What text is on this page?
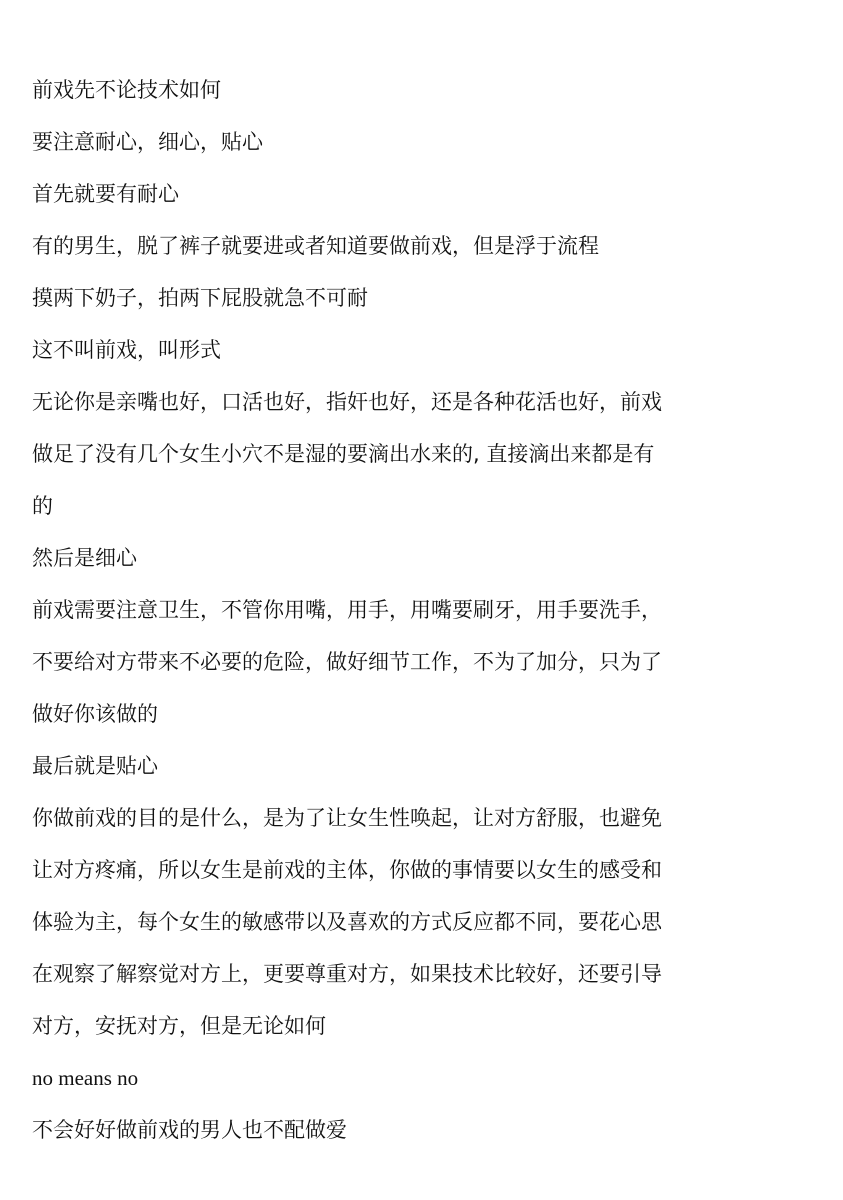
前戏先不论技术如何

要注意耐心，细心，贴心

首先就要有耐心

有的男生，脱了裤子就要进或者知道要做前戏，但是浮于流程

摸两下奶子，拍两下屁股就急不可耐

这不叫前戏，叫形式

无论你是亲嘴也好，口活也好，指奸也好，还是各种花活也好，前戏

做足了没有几个女生小穴不是湿的要滴出水来的, 直接滴出来都是有

的

然后是细心

前戏需要注意卫生，不管你用嘴，用手，用嘴要刷牙，用手要洗手，

不要给对方带来不必要的危险，做好细节工作，不为了加分，只为了

做好你该做的

最后就是贴心

你做前戏的目的是什么，是为了让女生性唤起，让对方舒服，也避免

让对方疼痛，所以女生是前戏的主体，你做的事情要以女生的感受和

体验为主，每个女生的敏感带以及喜欢的方式反应都不同，要花心思

在观察了解察觉对方上，更要尊重对方，如果技术比较好，还要引导

对方，安抚对方，但是无论如何

no means no

不会好好做前戏的男人也不配做爱
